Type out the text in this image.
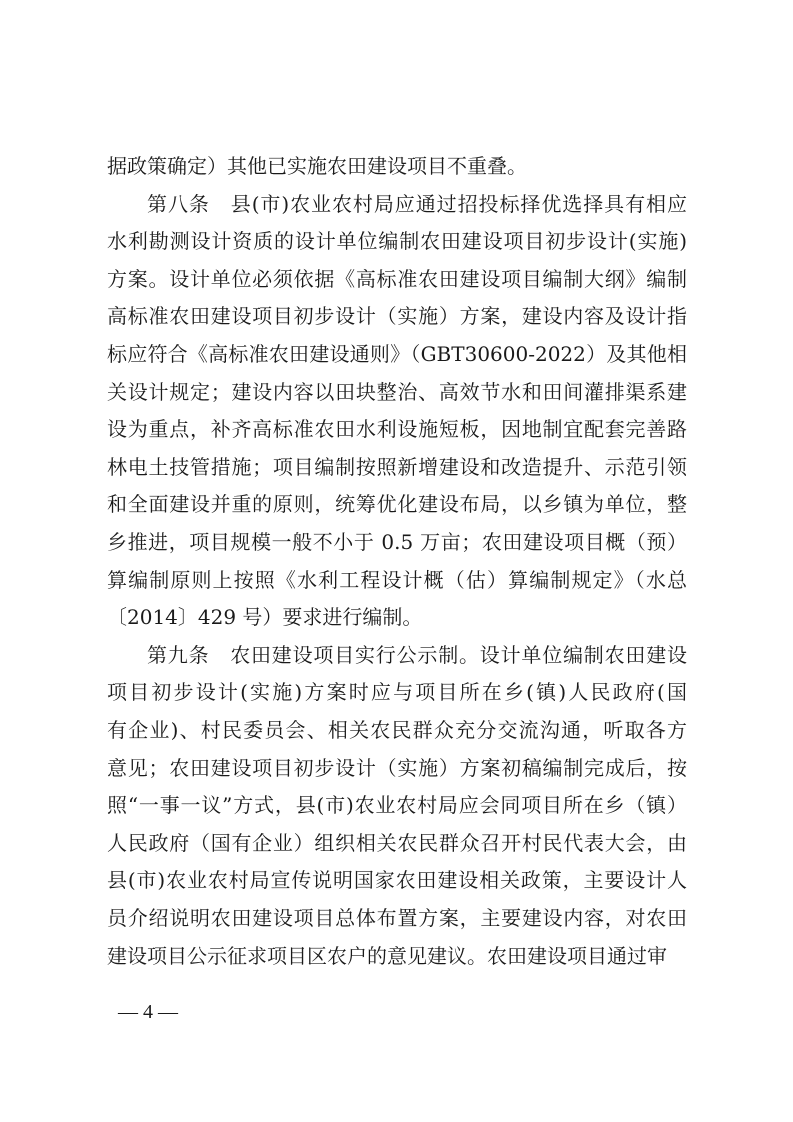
据政策确定）其他已实施农田建设项目不重叠。
第八条　县(市)农业农村局应通过招投标择优选择具有相应
水利勘测设计资质的设计单位编制农田建设项目初步设计(实施)
方案。设计单位必须依据《高标准农田建设项目编制大纲》编制
高标准农田建设项目初步设计（实施）方案，建设内容及设计指
标应符合《高标准农田建设通则》（GBT30600-2022）及其他相
关设计规定；建设内容以田块整治、高效节水和田间灌排渠系建
设为重点，补齐高标准农田水利设施短板，因地制宜配套完善路
林电土技管措施；项目编制按照新增建设和改造提升、示范引领
和全面建设并重的原则，统筹优化建设布局，以乡镇为单位，整
乡推进，项目规模一般不小于 0.5 万亩；农田建设项目概（预）
算编制原则上按照《水利工程设计概（估）算编制规定》（水总
〔2014〕429 号）要求进行编制。
第九条　农田建设项目实行公示制。设计单位编制农田建设
项目初步设计(实施)方案时应与项目所在乡(镇)人民政府(国
有企业)、村民委员会、相关农民群众充分交流沟通，听取各方
意见；农田建设项目初步设计（实施）方案初稿编制完成后，按
照“一事一议”方式，县(市)农业农村局应会同项目所在乡（镇）
人民政府（国有企业）组织相关农民群众召开村民代表大会，由
县(市)农业农村局宣传说明国家农田建设相关政策，主要设计人
员介绍说明农田建设项目总体布置方案，主要建设内容，对农田
建设项目公示征求项目区农户的意见建议。农田建设项目通过审
— 4 —
